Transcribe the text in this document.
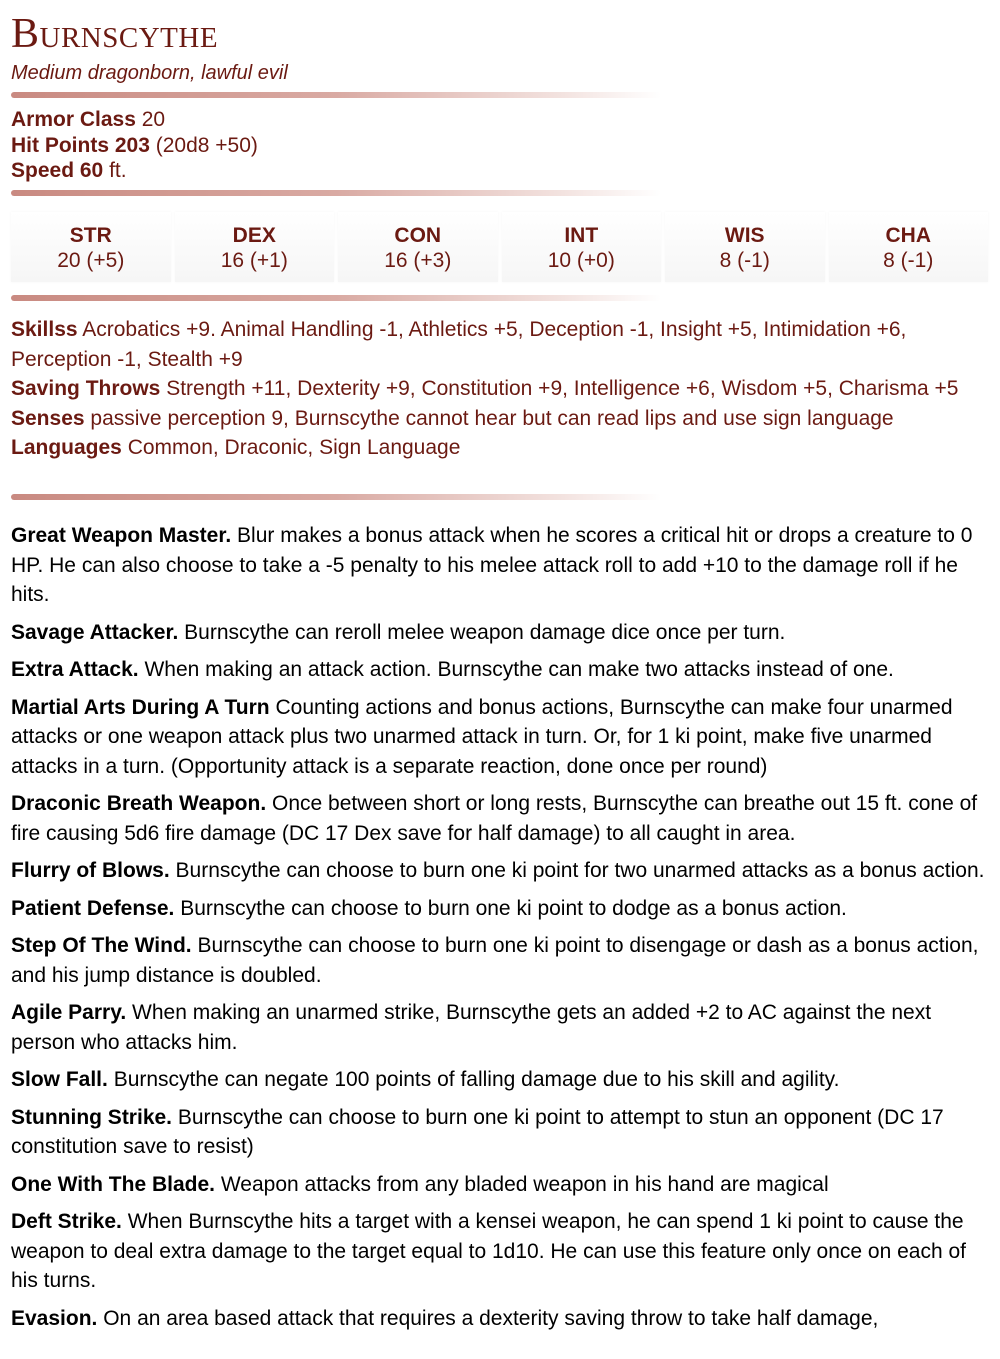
Burnscythe
Medium dragonborn, lawful evil
Armor Class 20
Hit Points 203 (20d8 +50)
Speed 60 ft.
STR
20 (+5)
DEX
16 (+1)
CON
16 (+3)
INT
10 (+0)
WIS
8 (-1)
CHA
8 (-1)

Skillss Acrobatics +9. Animal Handling -1, Athletics +5, Deception -1, Insight +5, Intimidation +6, Perception -1, Stealth +9

Saving Throws Strength +11, Dexterity +9, Constitution +9, Intelligence +6, Wisdom +5, Charisma +5

Senses passive perception 9, Burnscythe cannot hear but can read lips and use sign language

Languages Common, Draconic, Sign Language

Great Weapon Master. Blur makes a bonus attack when he scores a critical hit or drops a creature to 0 HP. He can also choose to take a -5 penalty to his melee attack roll to add +10 to the damage roll if he hits.

Savage Attacker. Burnscythe can reroll melee weapon damage dice once per turn.

Extra Attack. When making an attack action. Burnscythe can make two attacks instead of one.

Martial Arts During A Turn Counting actions and bonus actions, Burnscythe can make four unarmed attacks or one weapon attack plus two unarmed attack in turn. Or, for 1 ki point, make five unarmed attacks in a turn. (Opportunity attack is a separate reaction, done once per round)

Draconic Breath Weapon. Once between short or long rests, Burnscythe can breathe out 15 ft. cone of fire causing 5d6 fire damage (DC 17 Dex save for half damage) to all caught in area.

Flurry of Blows. Burnscythe can choose to burn one ki point for two unarmed attacks as a bonus action.

Patient Defense. Burnscythe can choose to burn one ki point to dodge as a bonus action.

Step Of The Wind. Burnscythe can choose to burn one ki point to disengage or dash as a bonus action, and his jump distance is doubled.

Agile Parry. When making an unarmed strike, Burnscythe gets an added +2 to AC against the next person who attacks him.

Slow Fall. Burnscythe can negate 100 points of falling damage due to his skill and agility.

Stunning Strike. Burnscythe can choose to burn one ki point to attempt to stun an opponent (DC 17 constitution save to resist)

One With The Blade. Weapon attacks from any bladed weapon in his hand are magical

Deft Strike. When Burnscythe hits a target with a kensei weapon, he can spend 1 ki point to cause the weapon to deal extra damage to the target equal to 1d10. He can use this feature only once on each of his turns.

Evasion. On an area based attack that requires a dexterity saving throw to take half damage,
